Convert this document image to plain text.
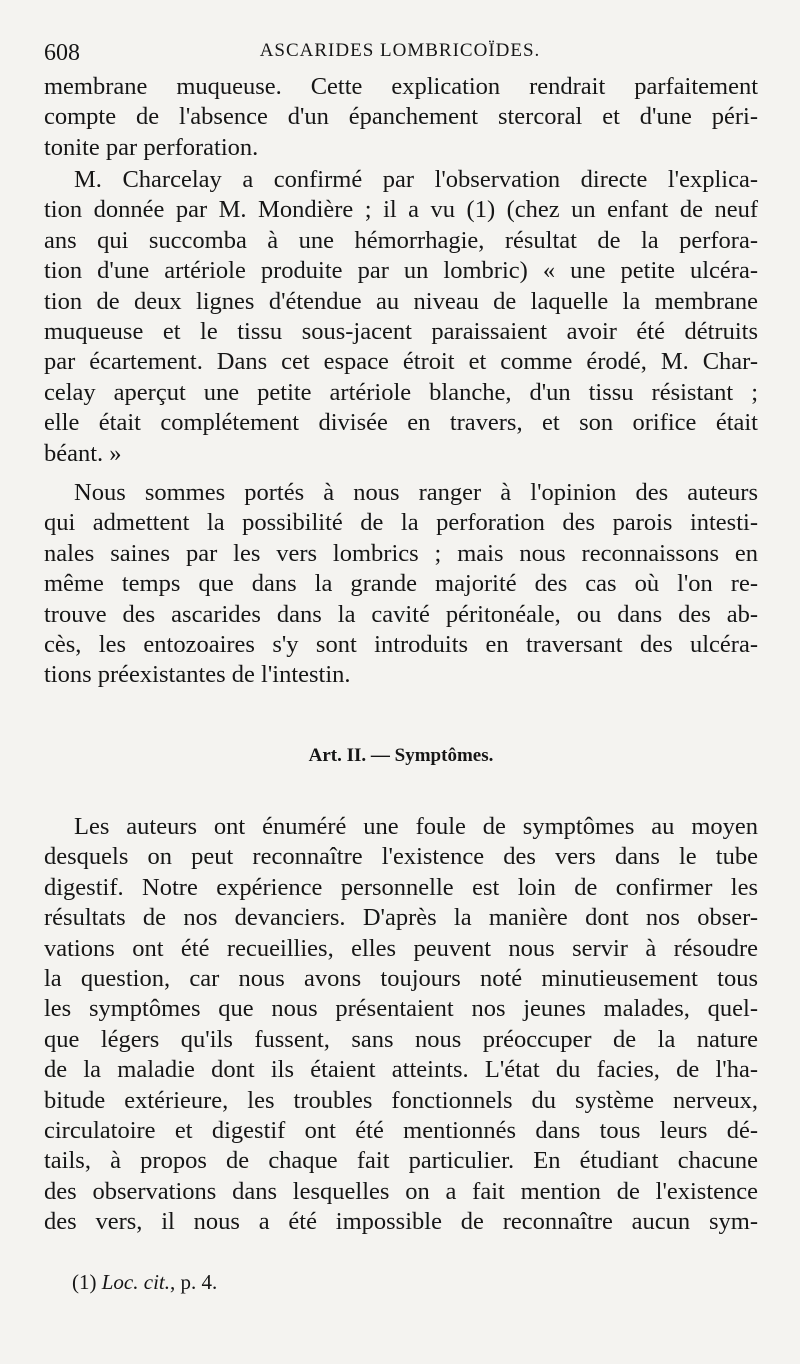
608	ASCARIDES LOMBRICOÏDES.
membrane muqueuse. Cette explication rendrait parfaitement
compte de l'absence d'un épanchement stercoral et d'une péri-
tonite par perforation.
M. Charcelay a confirmé par l'observation directe l'explica-
tion donnée par M. Mondière ; il a vu (1) (chez un enfant de neuf
ans qui succomba à une hémorrhagie, résultat de la perfora-
tion d'une artériole produite par un lombric) « une petite ulcéra-
tion de deux lignes d'étendue au niveau de laquelle la membrane
muqueuse et le tissu sous-jacent paraissaient avoir été détruits
par écartement. Dans cet espace étroit et comme érodé, M. Char-
celay aperçut une petite artériole blanche, d'un tissu résistant ;
elle était complétement divisée en travers, et son orifice était
béant. »
Nous sommes portés à nous ranger à l'opinion des auteurs
qui admettent la possibilité de la perforation des parois intesti-
nales saines par les vers lombrics ; mais nous reconnaissons en
même temps que dans la grande majorité des cas où l'on re-
trouve des ascarides dans la cavité péritonéale, ou dans des ab-
cès, les entozoaires s'y sont introduits en traversant des ulcéra-
tions préexistantes de l'intestin.
Art. II. — Symptômes.
Les auteurs ont énuméré une foule de symptômes au moyen
desquels on peut reconnaître l'existence des vers dans le tube
digestif. Notre expérience personnelle est loin de confirmer les
résultats de nos devanciers. D'après la manière dont nos obser-
vations ont été recueillies, elles peuvent nous servir à résoudre
la question, car nous avons toujours noté minutieusement tous
les symptômes que nous présentaient nos jeunes malades, quel-
que légers qu'ils fussent, sans nous préoccuper de la nature
de la maladie dont ils étaient atteints. L'état du facies, de l'ha-
bitude extérieure, les troubles fonctionnels du système nerveux,
circulatoire et digestif ont été mentionnés dans tous leurs dé-
tails, à propos de chaque fait particulier. En étudiant chacune
des observations dans lesquelles on a fait mention de l'existence
des vers, il nous a été impossible de reconnaître aucun sym-
(1) Loc. cit., p. 4.
